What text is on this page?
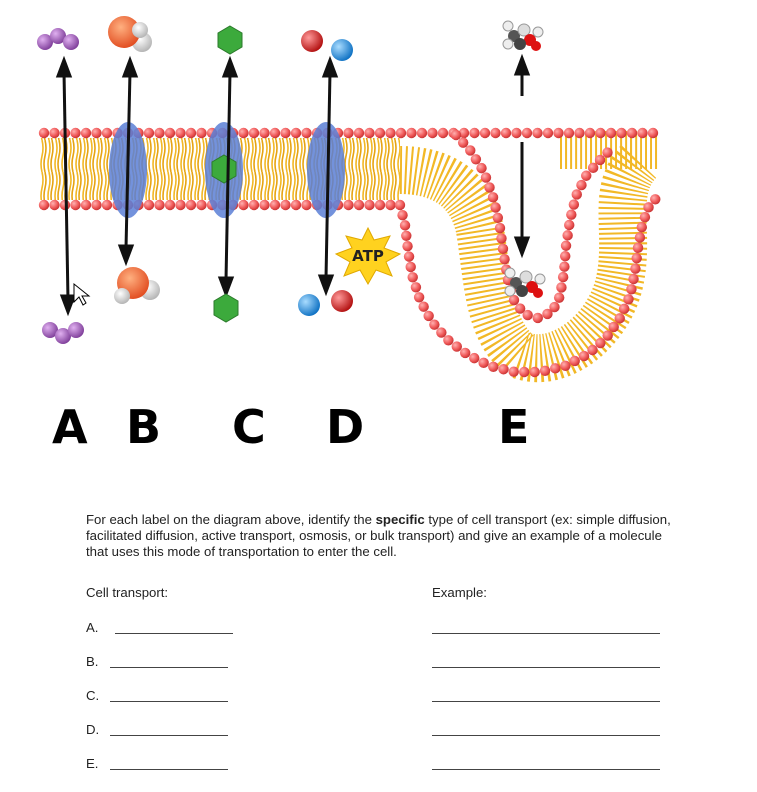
ATP
A B C D	E

For each label on the diagram above, identify the specific type of cell transport (ex: simple diffusion, facilitated diffusion, active transport, osmosis, or bulk transport) and give an example of a molecule that uses this mode of transportation to enter the cell.

Cell transport:	Example:
A.
B.
C.
D.
E.
